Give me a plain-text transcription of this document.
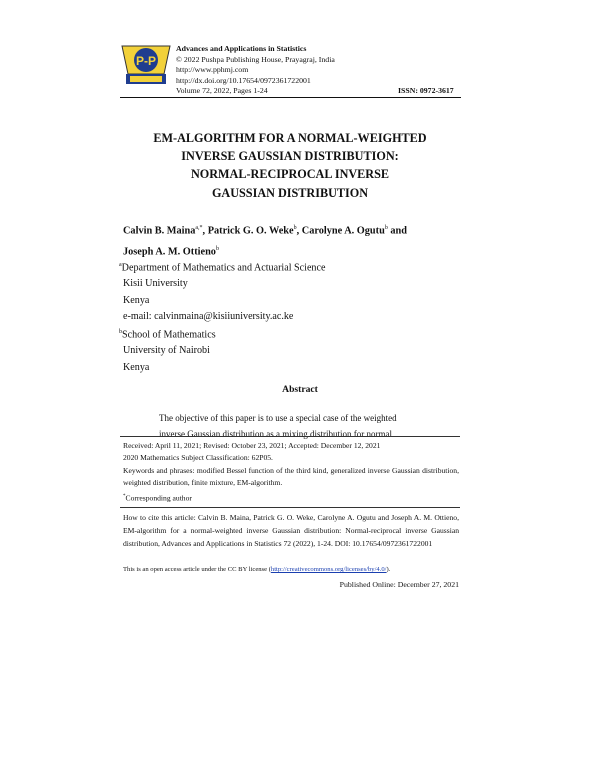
P-P
Advances and Applications in Statistics
© 2022 Pushpa Publishing House, Prayagraj, India
http://www.pphmj.com
http://dx.doi.org/10.17654/0972361722001
Volume 72, 2022, Pages 1-24	ISSN: 0972-3617
EM-ALGORITHM FOR A NORMAL-WEIGHTED
INVERSE GAUSSIAN DISTRIBUTION:
NORMAL-RECIPROCAL INVERSE
GAUSSIAN DISTRIBUTION
Calvin B. Maina$^{a,*}$, Patrick G. O. Weke$^b$, Carolyne A. Ogutu$^b$ and
Joseph A. M. Ottieno$^b$
$^a$Department of Mathematics and Actuarial Science
Kisii University
Kenya
e-mail: calvinmaina@kisiiuniversity.ac.ke
$^b$School of Mathematics
University of Nairobi
Kenya
Abstract
The objective of this paper is to use a special case of the weighted
inverse Gaussian distribution as a mixing distribution for normal
Received: April 11, 2021; Revised: October 23, 2021; Accepted: December 12, 2021
2020 Mathematics Subject Classification: 62P05.
Keywords and phrases: modified Bessel function of the third kind, generalized inverse Gaussian distribution, weighted distribution, finite mixture, EM-algorithm.
*Corresponding author
How to cite this article: Calvin B. Maina, Patrick G. O. Weke, Carolyne A. Ogutu and Joseph A. M. Ottieno, EM-algorithm for a normal-weighted inverse Gaussian distribution: Normal-reciprocal inverse Gaussian distribution, Advances and Applications in Statistics 72 (2022), 1-24. DOI: 10.17654/0972361722001
This is an open access article under the CC BY license (http://creativecommons.org/licenses/by/4.0/).
Published Online: December 27, 2021
